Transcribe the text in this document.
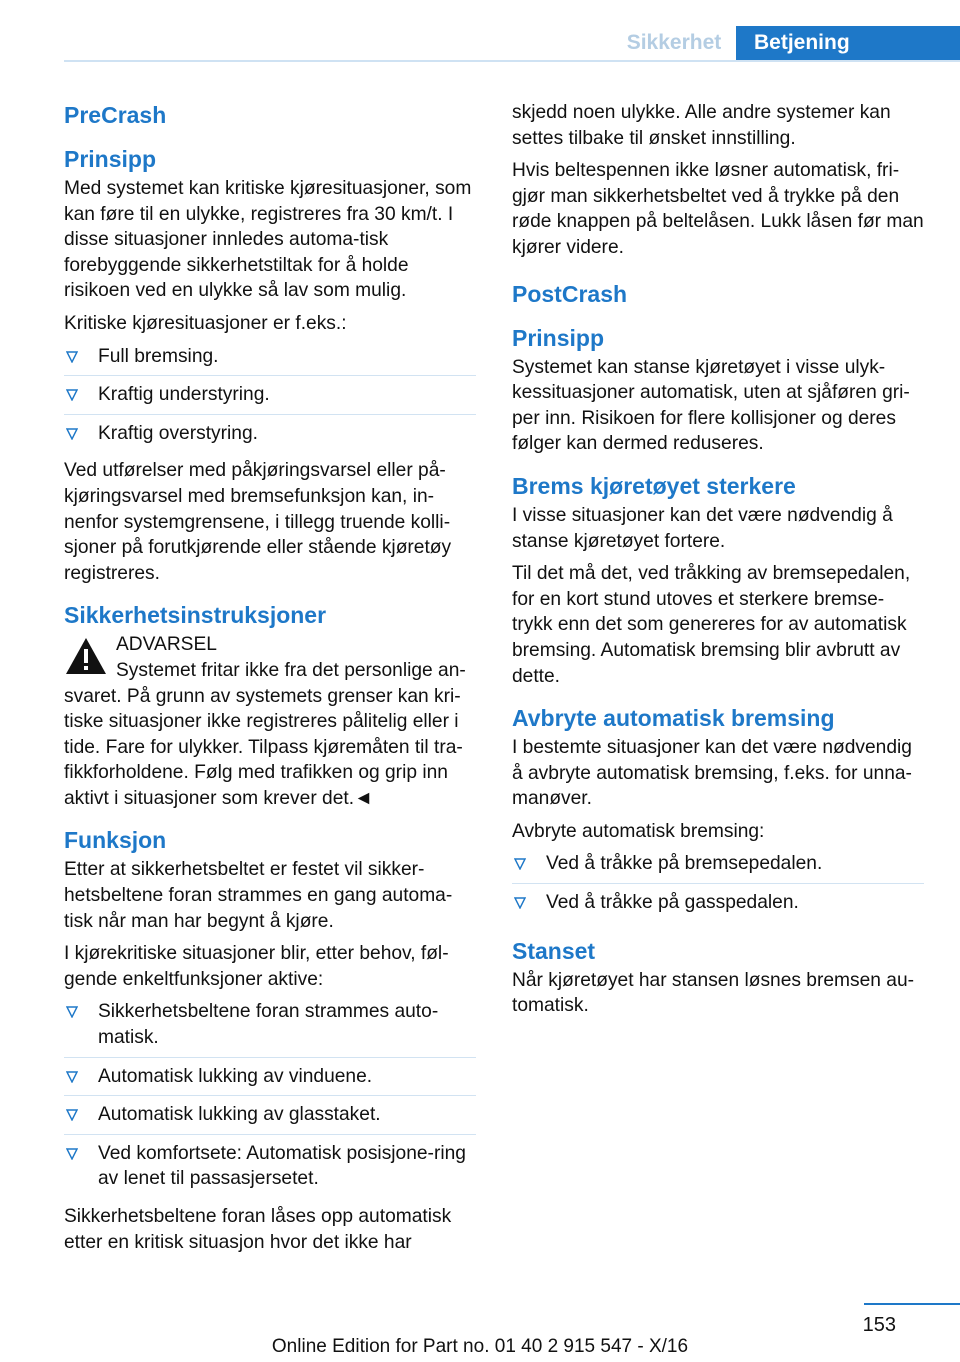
Sikkerhet	Betjening
PreCrash
Prinsipp

Med systemet kan kritiske kjøresituasjoner, som kan føre til en ulykke, registreres fra 30 km/t. I disse situasjoner innledes automa-tisk forebyggende sikkerhetstiltak for å holde risikoen ved en ulykke så lav som mulig.

Kritiske kjøresituasjoner er f.eks.:

Full bremsing.
Kraftig understyring.
Kraftig overstyring.

Ved utførelser med påkjøringsvarsel eller på-kjøringsvarsel med bremsefunksjon kan, in-nenfor systemgrensene, i tillegg truende kolli-sjoner på forutkjørende eller stående kjøretøy registreres.

Sikkerhetsinstruksjoner
ADVARSEL
Systemet fritar ikke fra det personlige an-svaret. På grunn av systemets grenser kan kri-tiske situasjoner ikke registreres pålitelig eller i tide. Fare for ulykker. Tilpass kjøremåten til tra-fikkforholdene. Følg med trafikken og grip inn aktivt i situasjoner som krever det.◄
Funksjon

Etter at sikkerhetsbeltet er festet vil sikker-hetsbeltene foran strammes en gang automa-tisk når man har begynt å kjøre.

I kjørekritiske situasjoner blir, etter behov, føl-gende enkeltfunksjoner aktive:

Sikkerhetsbeltene foran strammes auto-matisk.
Automatisk lukking av vinduene.
Automatisk lukking av glasstaket.
Ved komfortsete: Automatisk posisjone-ring av lenet til passasjersetet.

Sikkerhetsbeltene foran låses opp automatisk etter en kritisk situasjon hvor det ikke har

skjedd noen ulykke. Alle andre systemer kan settes tilbake til ønsket innstilling.

Hvis beltespennen ikke løsner automatisk, fri-gjør man sikkerhetsbeltet ved å trykke på den røde knappen på beltelåsen. Lukk låsen før man kjører videre.

PostCrash
Prinsipp

Systemet kan stanse kjøretøyet i visse ulyk-kessituasjoner automatisk, uten at sjåføren gri-per inn. Risikoen for flere kollisjoner og deres følger kan dermed reduseres.

Brems kjøretøyet sterkere

I visse situasjoner kan det være nødvendig å stanse kjøretøyet fortere.

Til det må det, ved tråkking av bremsepedalen, for en kort stund utoves et sterkere bremse-trykk enn det som genereres for av automatisk bremsing. Automatisk bremsing blir avbrutt av dette.

Avbryte automatisk bremsing

I bestemte situasjoner kan det være nødvendig å avbryte automatisk bremsing, f.eks. for unna-manøver.

Avbryte automatisk bremsing:

Ved å tråkke på bremsepedalen.
Ved å tråkke på gasspedalen.
Stanset

Når kjøretøyet har stansen løsnes bremsen au-tomatisk.

153
Online Edition for Part no. 01 40 2 915 547 - X/16
